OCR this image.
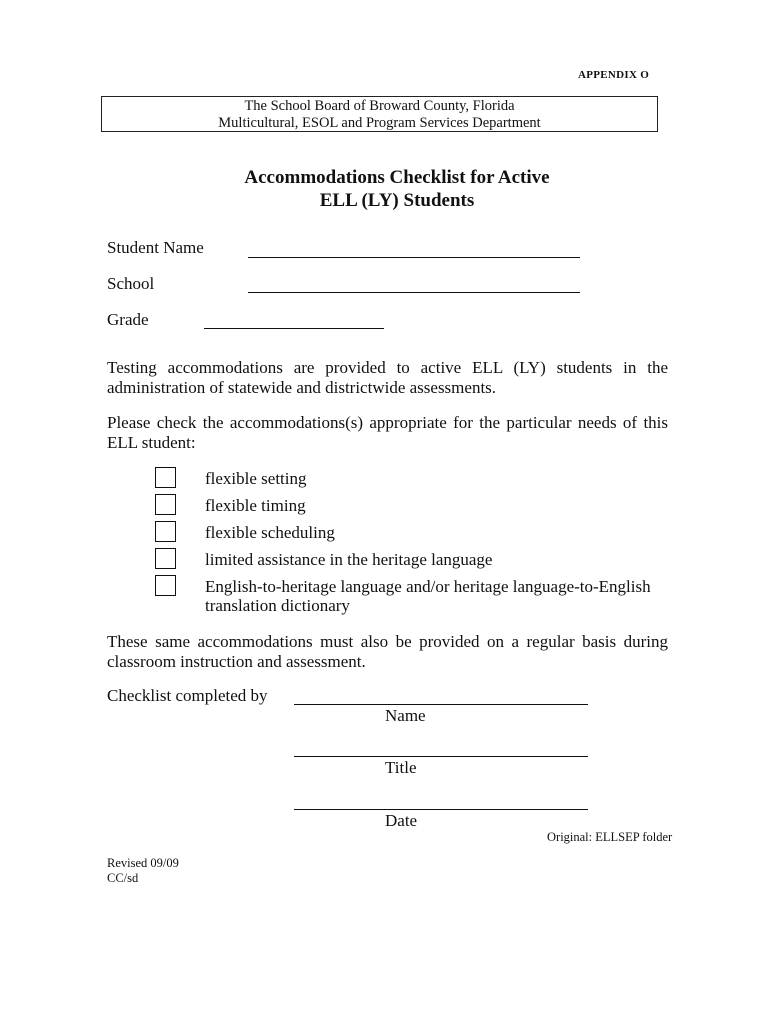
APPENDIX O
The School Board of Broward County, Florida
Multicultural, ESOL and Program Services Department
Accommodations Checklist for Active
ELL (LY) Students
Student Name
School
Grade
Testing accommodations are provided to active ELL (LY) students in the administration of statewide and districtwide assessments.
Please check the accommodations(s) appropriate for the particular needs of this ELL student:
flexible setting
flexible timing
flexible scheduling
limited assistance in the heritage language
English-to-heritage language and/or heritage language-to-English translation dictionary
These same accommodations must also be provided on a regular basis during classroom instruction and assessment.
Checklist completed by
Name
Title
Date
Original: ELLSEP folder
Revised 09/09
CC/sd
